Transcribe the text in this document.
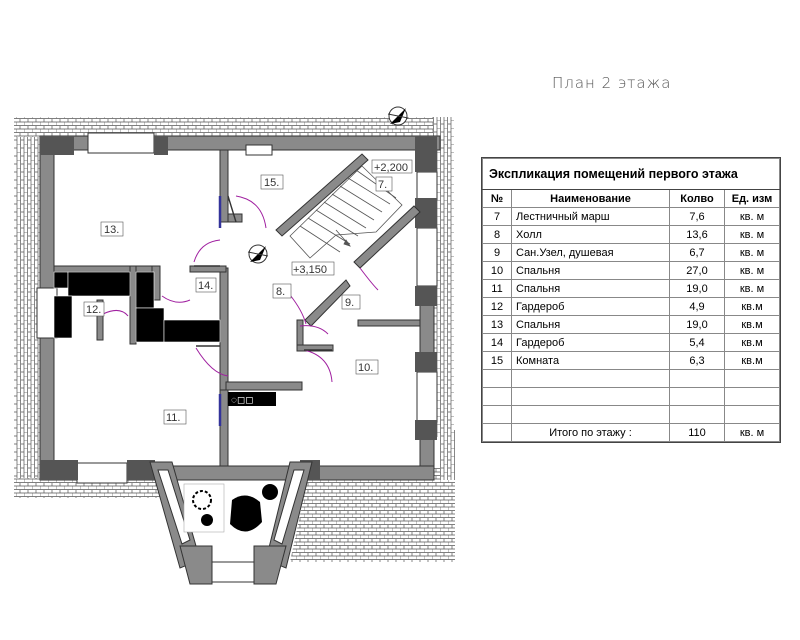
План 2 этажа
+2,200
+3,150
◌◻◻
13.
15.	7.
12.
14.	8.
9.
10.
11.
Экспликация помещений первого этажа			
№	Наименование	Колво	Ед. изм
7	Лестничный марш	7,6	кв. м
8	Холл	13,6	кв. м
9	Сан.Узел, душевая	6,7	кв. м
10	Спальня	27,0	кв. м
11	Спальня	19,0	кв. м
12	Гардероб	4,9	кв.м
13	Спальня	19,0	кв.м
14	Гардероб	5,4	кв.м
15	Комната	6,3	кв.м

	Итого по этажу :	110	кв. м
